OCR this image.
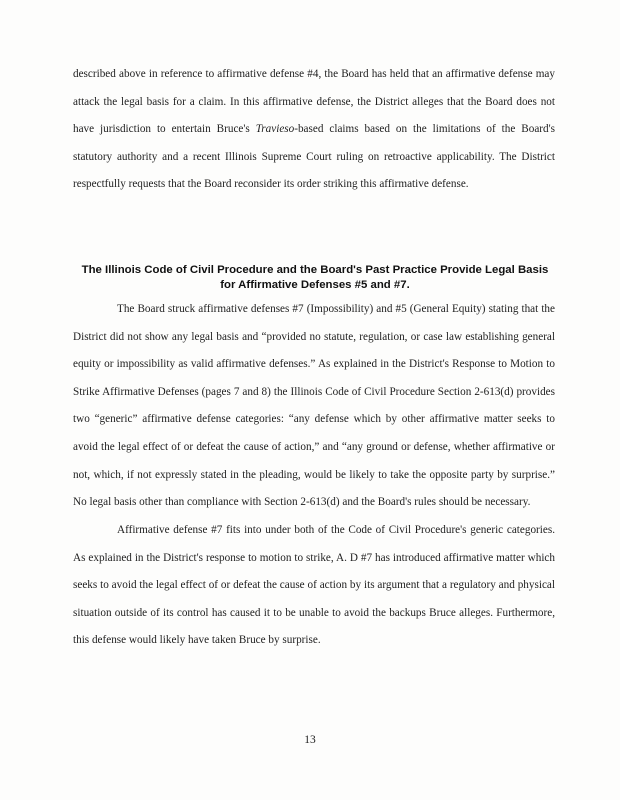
described above in reference to affirmative defense #4, the Board has held that an affirmative defense may attack the legal basis for a claim. In this affirmative defense, the District alleges that the Board does not have jurisdiction to entertain Bruce's Travieso-based claims based on the limitations of the Board's statutory authority and a recent Illinois Supreme Court ruling on retroactive applicability. The District respectfully requests that the Board reconsider its order striking this affirmative defense.

The Illinois Code of Civil Procedure and the Board's Past Practice Provide Legal Basis for Affirmative Defenses #5 and #7.

The Board struck affirmative defenses #7 (Impossibility) and #5 (General Equity) stating that the District did not show any legal basis and “provided no statute, regulation, or case law establishing general equity or impossibility as valid affirmative defenses.” As explained in the District's Response to Motion to Strike Affirmative Defenses (pages 7 and 8) the Illinois Code of Civil Procedure Section 2-613(d) provides two “generic” affirmative defense categories: “any defense which by other affirmative matter seeks to avoid the legal effect of or defeat the cause of action,” and “any ground or defense, whether affirmative or not, which, if not expressly stated in the pleading, would be likely to take the opposite party by surprise.” No legal basis other than compliance with Section 2-613(d) and the Board's rules should be necessary.

Affirmative defense #7 fits into under both of the Code of Civil Procedure's generic categories. As explained in the District's response to motion to strike, A. D #7 has introduced affirmative matter which seeks to avoid the legal effect of or defeat the cause of action by its argument that a regulatory and physical situation outside of its control has caused it to be unable to avoid the backups Bruce alleges. Furthermore, this defense would likely have taken Bruce by surprise.

13
